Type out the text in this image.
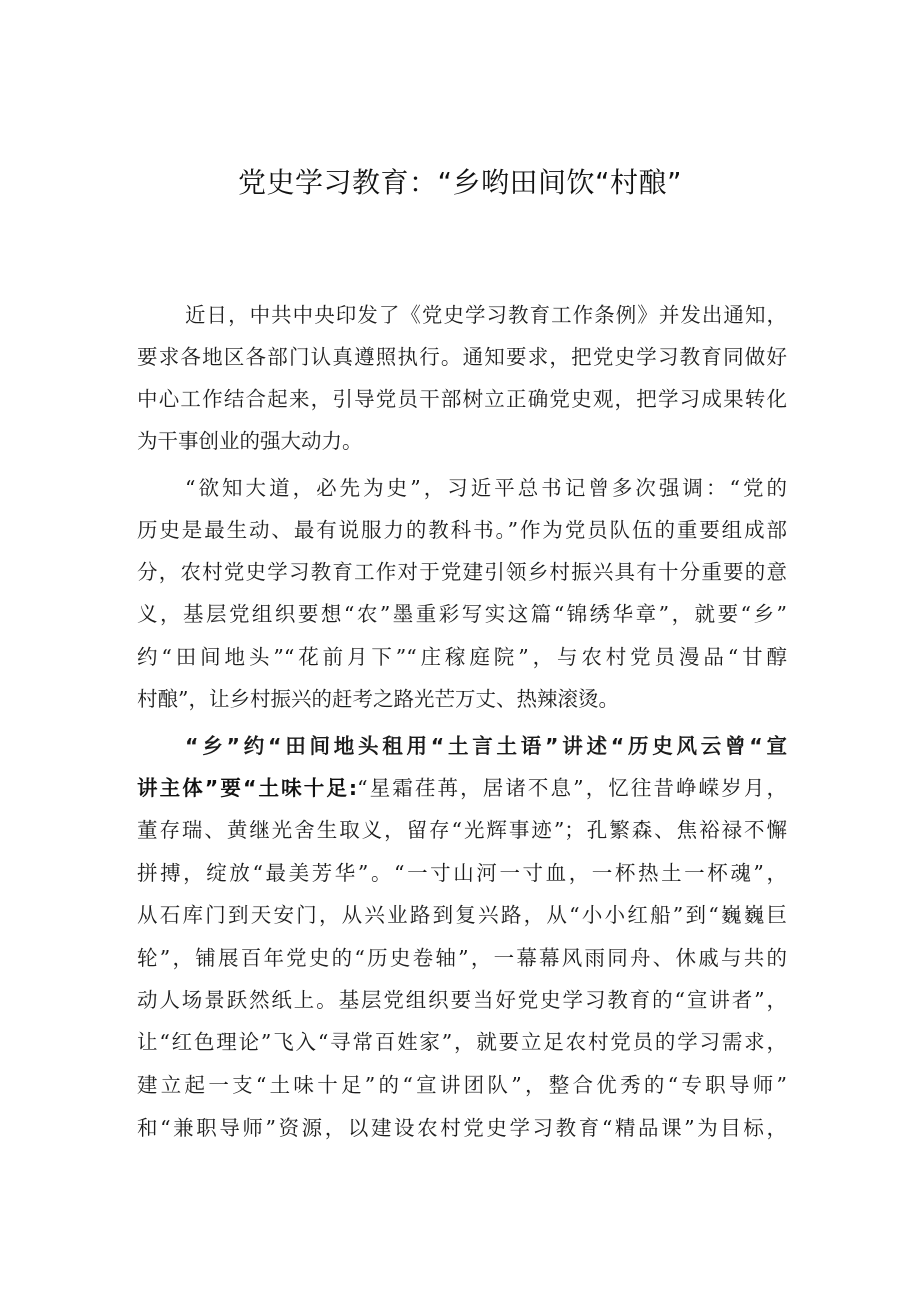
党史学习教育：“乡哟田间饮“村酿”
近日，中共中央印发了《党史学习教育工作条例》并发出通知，
要求各地区各部门认真遵照执行。通知要求，把党史学习教育同做好
中心工作结合起来，引导党员干部树立正确党史观，把学习成果转化
为干事创业的强大动力。
“欲知大道，必先为史”，习近平总书记曾多次强调：“党的
历史是最生动、最有说服力的教科书。”作为党员队伍的重要组成部
分，农村党史学习教育工作对于党建引领乡村振兴具有十分重要的意
义，基层党组织要想“农”墨重彩写实这篇“锦绣华章”，就要“乡”
约“田间地头”“花前月下”“庄稼庭院”，与农村党员漫品“甘醇
村酿”，让乡村振兴的赶考之路光芒万丈、热辣滚烫。
“乡”约“田间地头租用“土言土语”讲述“历史风云曾“宣
讲主体”要“土味十足:“星霜荏苒，居诸不息”，忆往昔峥嵘岁月，
董存瑞、黄继光舍生取义，留存“光辉事迹”；孔繁森、焦裕禄不懈
拼搏，绽放“最美芳华”。“一寸山河一寸血，一杯热土一杯魂”，
从石库门到天安门，从兴业路到复兴路，从“小小红船”到“巍巍巨
轮”，铺展百年党史的“历史卷轴”，一幕幕风雨同舟、休戚与共的
动人场景跃然纸上。基层党组织要当好党史学习教育的“宣讲者”，
让“红色理论”飞入“寻常百姓家”，就要立足农村党员的学习需求，
建立起一支“土味十足”的“宣讲团队”，整合优秀的“专职导师”
和“兼职导师”资源，以建设农村党史学习教育“精品课”为目标，
